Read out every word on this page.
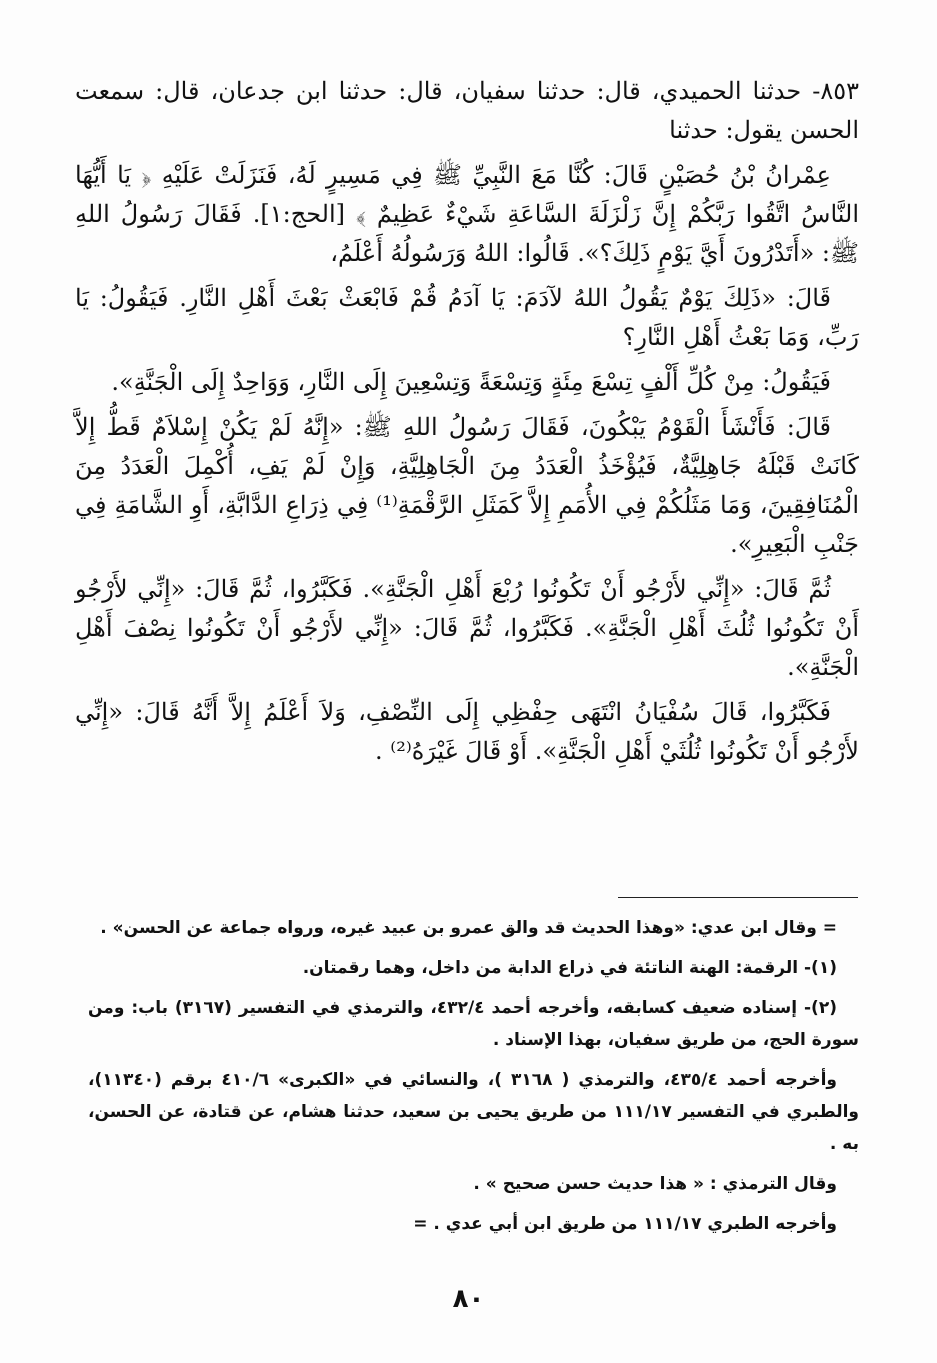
٨٥٣- حدثنا الحميدي، قال: حدثنا سفيان، قال: حدثنا ابن جدعان، قال: سمعت الحسن يقول: حدثنا

عِمْرانُ بْنُ حُصَيْنٍ قَالَ: كُنَّا مَعَ النَّبِيِّ ﷺ فِي مَسِيرٍ لَهُ، فَنَزَلَتْ عَلَيْهِ ﴿ يَا أَيُّهَا النَّاسُ اتَّقُوا رَبَّكُمْ إِنَّ زَلْزَلَةَ السَّاعَةِ شَيْءٌ عَظِيمٌ ﴾ [الحج:١]. فَقَالَ رَسُولُ اللهِ ﷺ: «أَتَدْرُونَ أَيَّ يَوْمٍ ذَلِكَ؟». قَالُوا: اللهُ وَرَسُولُهُ أَعْلَمُ،

قَالَ: «ذَلِكَ يَوْمٌ يَقُولُ اللهُ لآدَمَ: يَا آدَمُ قُمْ فَابْعَثْ بَعْثَ أَهْلِ النَّارِ. فَيَقُولُ: يَا رَبِّ، وَمَا بَعْثُ أَهْلِ النَّارِ؟

فَيَقُولُ: مِنْ كُلِّ أَلْفٍ تِسْعَ مِئَةٍ وَتِسْعَةً وَتِسْعِينَ إِلَى النَّارِ، وَوَاحِدٌ إِلَى الْجَنَّةِ».

قَالَ: فَأَنْشَأَ الْقَوْمُ يَبْكُونَ، فَقَالَ رَسُولُ اللهِ ﷺ: «إِنَّهُ لَمْ يَكُنْ إِسْلاَمٌ قَطُّ إِلاَّ كَانَتْ قَبْلَهُ جَاهِلِيَّةٌ، فَيُؤْخَذُ الْعَدَدُ مِنَ الْجَاهِلِيَّةِ، وَإِنْ لَمْ يَفِ، أُكْمِلَ الْعَدَدُ مِنَ الْمُنَافِقِينَ، وَمَا مَثَلُكُمْ فِي الأُمَمِ إِلاَّ كَمَثَلِ الرَّقْمَةِ⁽¹⁾ فِي ذِرَاعِ الدَّابَّةِ، أَوِ الشَّامَةِ فِي جَنْبِ الْبَعِيرِ».

ثُمَّ قَالَ: «إِنِّي لأَرْجُو أَنْ تَكُونُوا رُبْعَ أَهْلِ الْجَنَّةِ». فَكَبَّرُوا، ثُمَّ قَالَ: «إِنِّي لأَرْجُو أَنْ تَكُونُوا ثُلُثَ أَهْلِ الْجَنَّةِ». فَكَبَّرُوا، ثُمَّ قَالَ: «إِنِّي لأَرْجُو أَنْ تَكُونُوا نِصْفَ أَهْلِ الْجَنَّةِ».

فَكَبَّرُوا، قَالَ سُفْيَانُ انْتَهَى حِفْظِي إِلَى النِّصْفِ، وَلاَ أَعْلَمُ إِلاَّ أَنَّهُ قَالَ: «إِنِّي لأَرْجُو أَنْ تَكُونُوا ثُلُثَيْ أَهْلِ الْجَنَّةِ». أَوْ قَالَ غَيْرَهُ⁽²⁾ .

= وقال ابن عدي: «وهذا الحديث قد والق عمرو بن عبيد غيره، ورواه جماعة عن الحسن» .

(١)- الرقمة: الهنة الناتئة في ذراع الدابة من داخل، وهما رقمتان.

(٢)- إسناده ضعيف كسابقه، وأخرجه أحمد ٤٣٢/٤، والترمذي في التفسير (٣١٦٧) باب: ومن سورة الحج، من طريق سفيان، بهذا الإسناد .

وأخرجه أحمد ٤٣٥/٤، والترمذي ( ٣١٦٨ )، والنسائي في «الكبرى» ٤١٠/٦ برقم (١١٣٤٠)، والطبري في التفسير ١١١/١٧ من طريق يحيى بن سعيد، حدثنا هشام، عن قتادة، عن الحسن، به .

وقال الترمذي : « هذا حديث حسن صحيح » .

وأخرجه الطبري ١١١/١٧ من طريق ابن أبي عدي . =

٨٠
